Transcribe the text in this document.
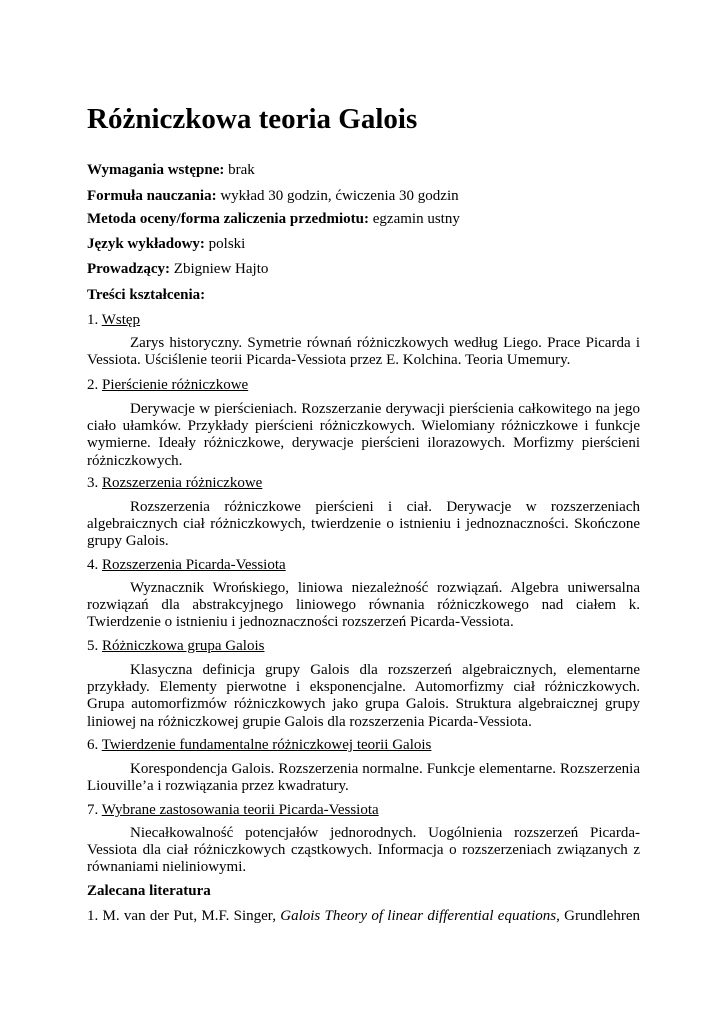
Różniczkowa teoria Galois

Wymagania wstępne: brak

Formuła nauczania: wykład 30 godzin, ćwiczenia 30 godzin

Metoda oceny/forma zaliczenia przedmiotu: egzamin ustny

Język wykładowy: polski

Prowadzący: Zbigniew Hajto

Treści kształcenia:

1. Wstęp

Zarys historyczny. Symetrie równań różniczkowych według Liego. Prace Picarda i Vessiota. Uściślenie teorii Picarda-Vessiota przez E. Kolchina. Teoria Umemury.

2. Pierścienie różniczkowe

Derywacje w pierścieniach. Rozszerzanie derywacji pierścienia całkowitego na jego ciało ułamków. Przykłady pierścieni różniczkowych. Wielomiany różniczkowe i funkcje wymierne. Ideały różniczkowe, derywacje pierścieni ilorazowych. Morfizmy pierścieni różniczkowych.

3. Rozszerzenia różniczkowe

Rozszerzenia różniczkowe pierścieni i ciał. Derywacje w rozszerzeniach algebraicznych ciał różniczkowych, twierdzenie o istnieniu i jednoznaczności. Skończone grupy Galois.

4. Rozszerzenia Picarda-Vessiota

Wyznacznik Wrońskiego, liniowa niezależność rozwiązań. Algebra uniwersalna rozwiązań dla abstrakcyjnego liniowego równania różniczkowego nad ciałem k. Twierdzenie o istnieniu i jednoznaczności rozszerzeń Picarda-Vessiota.

5. Różniczkowa grupa Galois

Klasyczna definicja grupy Galois dla rozszerzeń algebraicznych, elementarne przykłady. Elementy pierwotne i eksponencjalne. Automorfizmy ciał różniczkowych. Grupa automorfizmów różniczkowych jako grupa Galois. Struktura algebraicznej grupy liniowej na różniczkowej grupie Galois dla rozszerzenia Picarda-Vessiota.

6. Twierdzenie fundamentalne różniczkowej teorii Galois

Korespondencja Galois. Rozszerzenia normalne. Funkcje elementarne. Rozszerzenia Liouville’a i rozwiązania przez kwadratury.

7. Wybrane zastosowania teorii Picarda-Vessiota

Niecałkowalność potencjałów jednorodnych. Uogólnienia rozszerzeń Picarda-Vessiota dla ciał różniczkowych cząstkowych. Informacja o rozszerzeniach związanych z równaniami nieliniowymi.

Zalecana literatura

1. M. van der Put, M.F. Singer, Galois Theory of linear differential equations, Grundlehren
